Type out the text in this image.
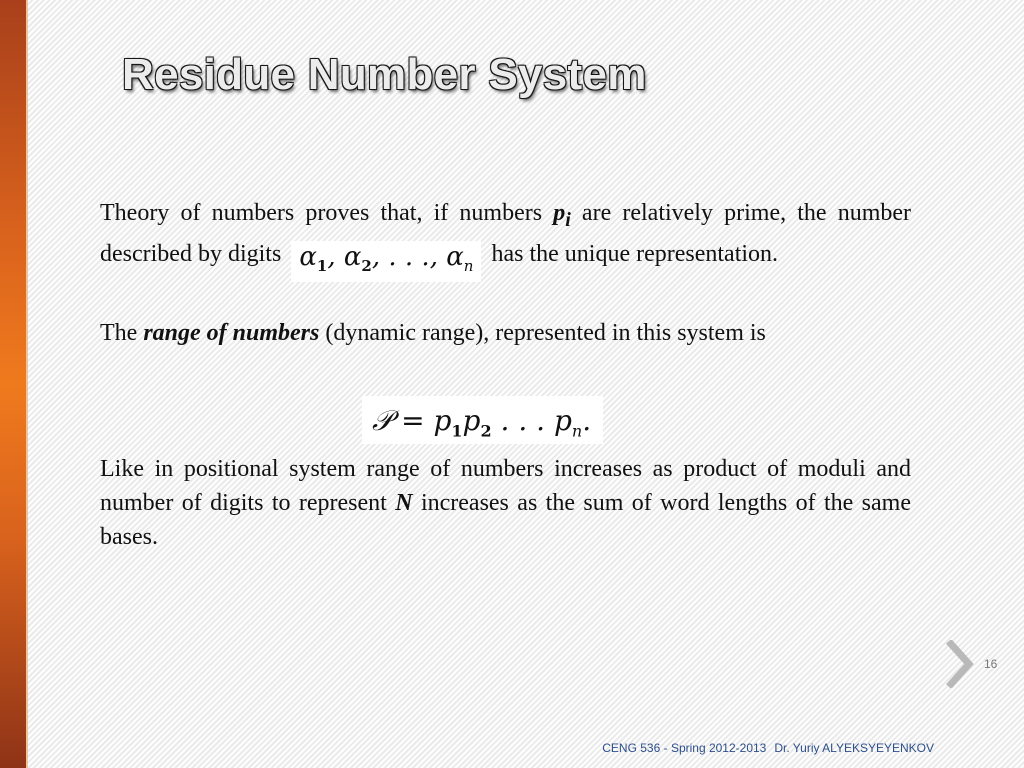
Residue Number System

Theory of numbers proves that, if numbers $p_i$ are relatively prime, the number described by digits $\alpha_1$, $\alpha_2$, . . ., $\alpha_n$ has the unique representation.

The range of numbers (dynamic range), represented in this system is

Like in positional system range of numbers increases as product of moduli and number of digits to represent N increases as the sum of word lengths of the same bases.

𝒫 = $p_1p_2$ . . . $p_n$.
16
CENG 536 - Spring 2012-2013 Dr. Yuriy ALYEKSYEYENKOV
